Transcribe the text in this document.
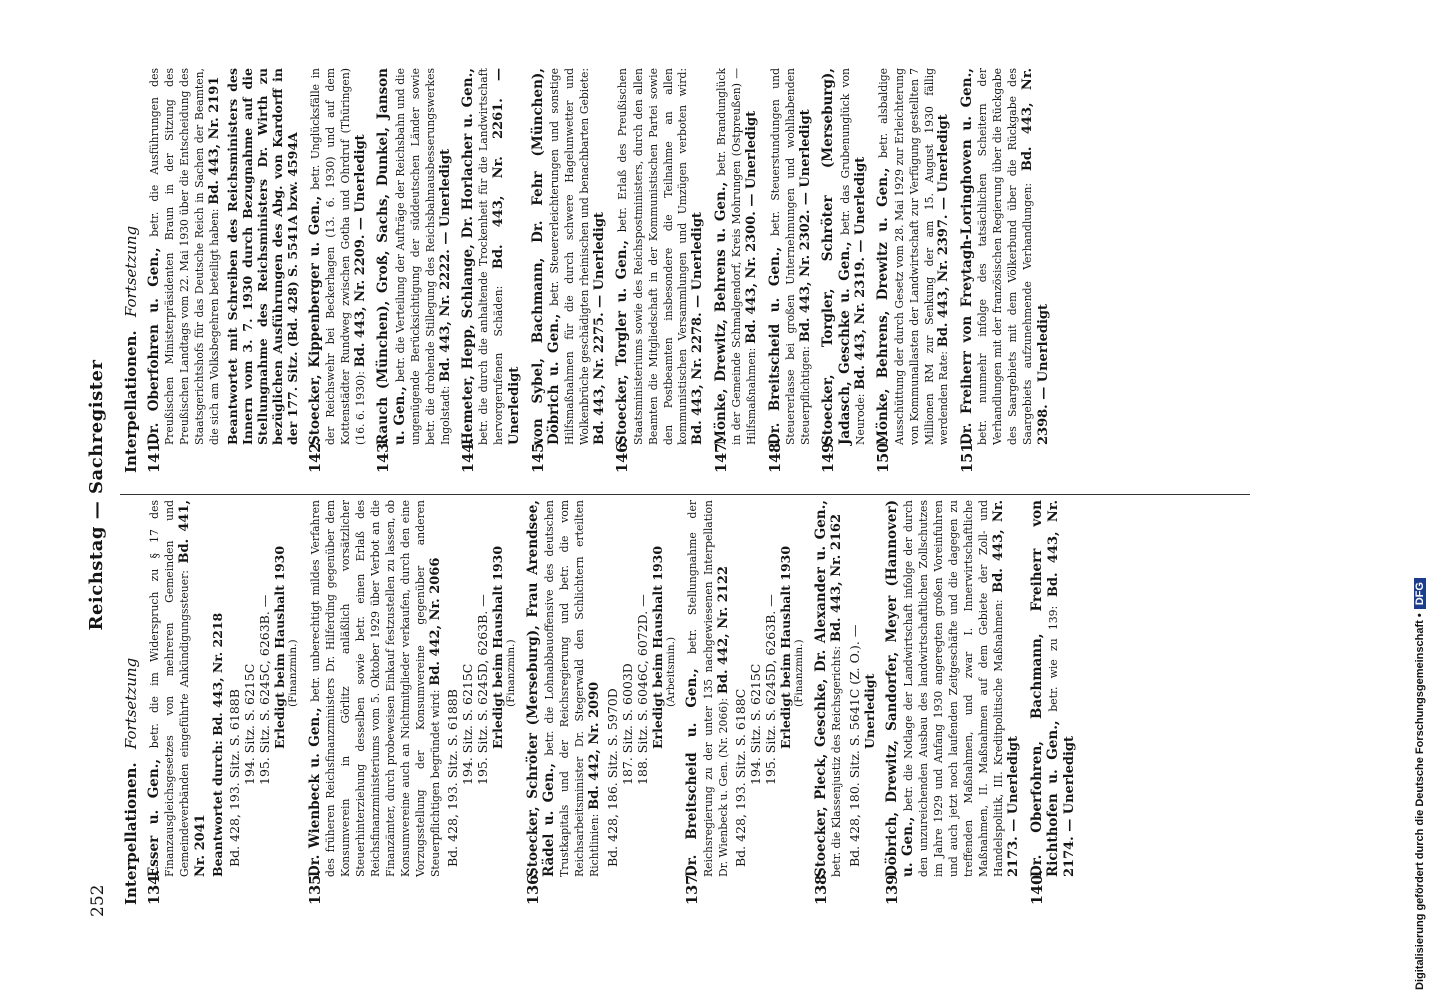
252
Reichstag — Sachregister
Interpellationen. Fortsetzung
134.
Esser u. Gen., betr. die im Widerspruch zu § 17 des Finanzausgleichsgesetzes von mehreren Gemeinden und Gemeindeverbänden eingeführte Ankündigungssteuer: Bd. 441, Nr. 2041 Beantwortet durch: Bd. 443, Nr. 2218 Bd. 428, 193. Sitz. S. 6188B 194. Sitz. S. 6215C 195. Sitz. S. 6245C, 6263B. — Erledigt beim Haushalt 1930 (Finanzmin.)
135.
Dr. Wienbeck u. Gen., betr. unberechtigt mildes Verfahren des früheren Reichsfinanzministers Dr. Hilferding gegenüber dem Konsumverein in Görlitz anläßlich vorsätzlicher Steuerhinterziehung desselben sowie betr. einen Erlaß des Reichsfinanzministeriums vom 5. Oktober 1929 über Verbot an die Finanzämter, durch probeweisen Einkauf festzustellen zu lassen, ob Konsumvereine auch an Nichtmitglieder verkaufen, durch den eine Vorzugsstellung der Konsumvereine gegenüber anderen Steuerpflichtigen begründet wird: Bd. 442, Nr. 2066
Bd. 428, 193. Sitz. S. 6188B 194. Sitz. S. 6215C 195. Sitz. S. 6245D, 6263B. — Erledigt beim Haushalt 1930 (Finanzmin.)
136.
Stoecker, Schröter (Merseburg), Frau Arendsee, Rädel u. Gen., betr. die Lohnabbauoffensive des deutschen Trustkapitals und der Reichsregierung und betr. die vom Reichsarbeitsminister Dr. Stegerwald den Schlichtern erteilten Richtlinien: Bd. 442, Nr. 2090 Bd. 428, 186. Sitz. S. 5970D 187. Sitz. S. 6003D 188. Sitz. S. 6046C, 6072D. — Erledigt beim Haushalt 1930 (Arbeitsmin.)
137.
Dr. Breitscheid u. Gen., betr. Stellungnahme der Reichsregierung zu der unter 135 nachgewiesenen Interpellation Dr. Wienbeck u. Gen. (Nr. 2066): Bd. 442, Nr. 2122
Bd. 428, 193. Sitz. S. 6188C 194. Sitz. S. 6215C 195. Sitz. S. 6245D, 6263B. — Erledigt beim Haushalt 1930 (Finanzmin.)
138.
Stoecker, Pieck, Geschke, Dr. Alexander u. Gen., betr. die Klassenjustiz des Reichsgerichts: Bd. 443, Nr. 2162
Bd. 428, 180. Sitz. S. 5641C (Z. O.). — Unerledigt
139.
Döbrich, Drewitz, Sandorfer, Meyer (Hannover) u. Gen., betr. die Notlage der Landwirtschaft infolge der durch den unzureichenden Ausbau des landwirtschaftlichen Zollschutzes im Jahre 1929 und Anfang 1930 angeregten großen Voreinfuhren und auch jetzt noch laufenden Zeitgeschäfte und die dagegen zu treffenden Maßnahmen, und zwar I. Innerwirtschaftliche Maßnahmen, II. Maßnahmen auf dem Gebiete der Zoll- und Handelspolitik, III. Kreditpolitische Maßnahmen: Bd. 443, Nr. 2173. — Unerledigt
140.
Dr. Oberfohren, Bachmann, Freiherr von Richthofen u. Gen., betr. wie zu 139: Bd. 443, Nr. 2174. — Unerledigt
Interpellationen. Fortsetzung
141.
Dr. Oberfohren u. Gen., betr. die Ausführungen des Preußischen Ministerpräsidenten Braun in der Sitzung des Preußischen Landtags vom 22. Mai 1930 über die Entscheidung des Staatsgerichtshofs für das Deutsche Reich in Sachen der Beamten, die sich am Volksbegehren beteiligt haben: Bd. 443, Nr. 2191 Beantwortet mit Schreiben des Reichsministers des Innern vom 3. 7. 1930 durch Bezugnahme auf die Stellungnahme des Reichsministers Dr. Wirth zu bezüglichen Ausführungen des Abg. von Kardorff in der 177. Sitz. (Bd. 428) S. 5541A bzw. 4594A
142.
Stoecker, Kippenberger u. Gen., betr. Unglücksfälle in der Reichswehr bei Beckerhagen (13. 6. 1930) und auf dem Kottenstädter Rundweg zwischen Gotha und Ohrdruf (Thüringen) (16. 6. 1930): Bd. 443, Nr. 2209. — Unerledigt
143.
Rauch (München), Groß, Sachs, Dunkel, Janson u. Gen., betr. die Verteilung der Aufträge der Reichsbahn und die ungenügende Berücksichtigung der süddeutschen Länder sowie betr. die drohende Stillegung des Reichsbahnausbesserungswerkes Ingolstadt: Bd. 443, Nr. 2222. — Unerledigt
144.
Hemeter, Hepp, Schlange, Dr. Horlacher u. Gen., betr. die durch die anhaltende Trockenheit für die Landwirtschaft hervorgerufenen Schäden: Bd. 443, Nr. 2261. — Unerledigt
145.
von Sybel, Bachmann, Dr. Fehr (München), Döbrich u. Gen., betr. Steuererleichterungen und sonstige Hilfsmaßnahmen für die durch schwere Hagelunwetter und Wolkenbrüche geschädigten rheinischen und benachbarten Gebiete: Bd. 443, Nr. 2275. — Unerledigt
146.
Stoecker, Torgler u. Gen., betr. Erlaß des Preußischen Staatsministeriums sowie des Reichspostministers, durch den allen Beamten die Mitgliedschaft in der Kommunistischen Partei sowie den Postbeamten insbesondere die Teilnahme an allen kommunistischen Versammlungen und Umzügen verboten wird: Bd. 443, Nr. 2278. — Unerledigt
147.
Mönke, Drewitz, Behrens u. Gen., betr. Brandunglück in der Gemeinde Schmalgendorf, Kreis Mohrungen (Ostpreußen) — Hilfsmaßnahmen: Bd. 443, Nr. 2300. — Unerledigt
148.
Dr. Breitscheid u. Gen., betr. Steuerstundungen und Steuererlasse bei großen Unternehmungen und wohlhabenden Steuerpflichtigen: Bd. 443, Nr. 2302. — Unerledigt
149.
Stoecker, Torgler, Schröter (Merseburg), Jadasch, Geschke u. Gen., betr. das Grubenunglück von Neurode: Bd. 443, Nr. 2319. — Unerledigt
150.
Mönke, Behrens, Drewitz u. Gen., betr. alsbaldige Ausschüttung der durch Gesetz vom 28. Mai 1929 zur Erleichterung von Kommunallasten der Landwirtschaft zur Verfügung gestellten 7 Millionen RM zur Senkung der am 15. August 1930 fällig werdenden Rate: Bd. 443, Nr. 2397. — Unerledigt
151.
Dr. Freiherr von Freytagh-Loringhoven u. Gen., betr. nunmehr infolge des tatsächlichen Scheitern der Verhandlungen mit der französischen Regierung über die Rückgabe des Saargebiets mit dem Völkerbund über die Rückgabe des Saargebiets aufzunehmende Verhandlungen: Bd. 443, Nr. 2398. — Unerledigt
Digitalisierung gefördert durch die Deutsche Forschungsgemeinschaft •DFG
